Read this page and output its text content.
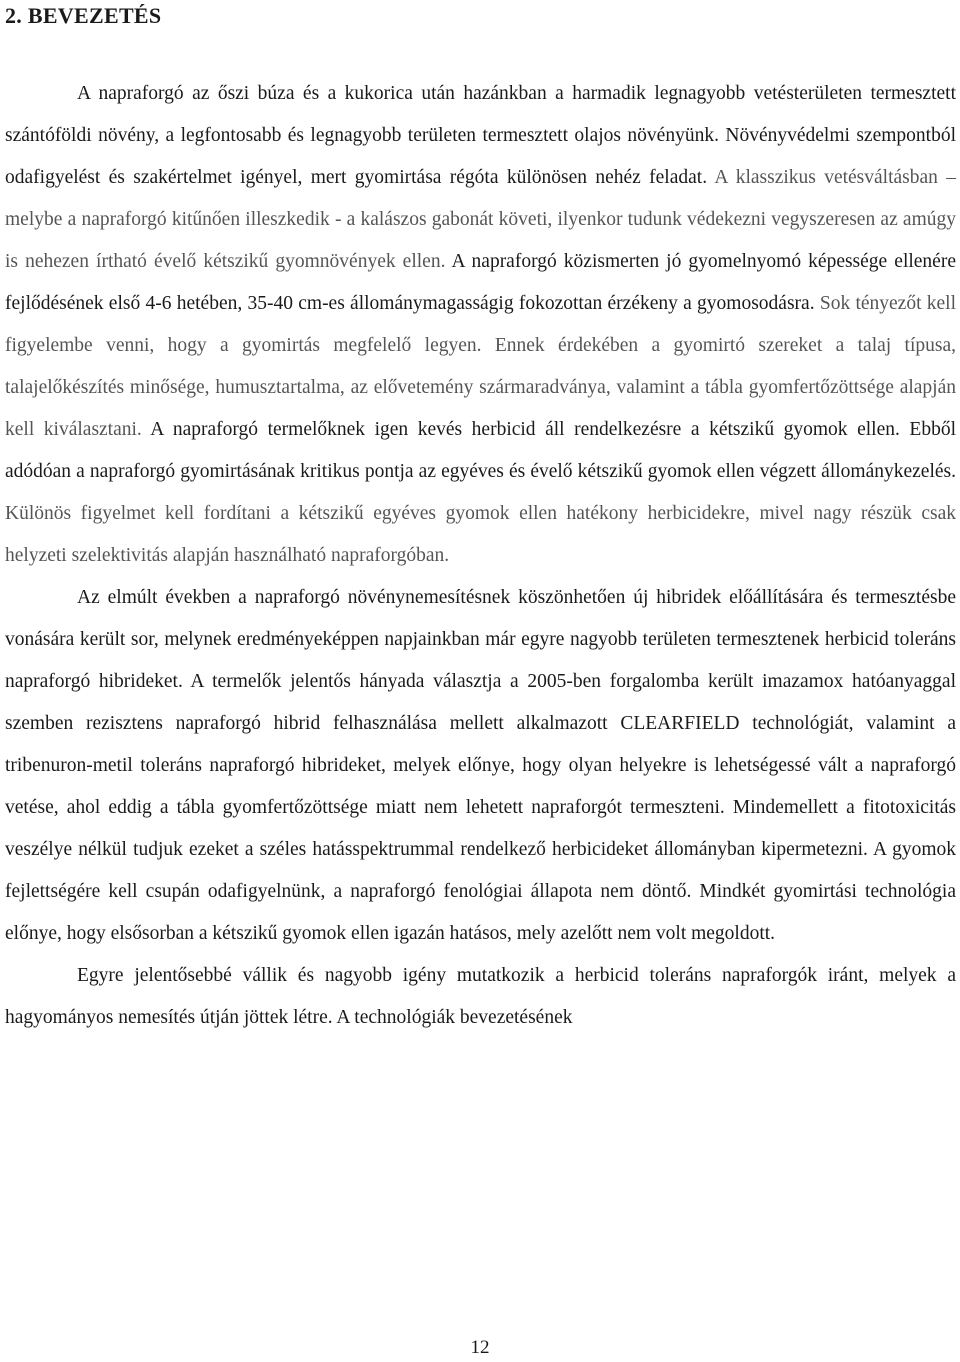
2. BEVEZETÉS

A napraforgó az őszi búza és a kukorica után hazánkban a harmadik legnagyobb vetésterületen termesztett szántóföldi növény, a legfontosabb és legnagyobb területen termesztett olajos növényünk. Növényvédelmi szempontból odafigyelést és szakértelmet igényel, mert gyomirtása régóta különösen nehéz feladat. A klasszikus vetésváltásban – melybe a napraforgó kitűnően illeszkedik - a kalászos gabonát követi, ilyenkor tudunk védekezni vegyszeresen az amúgy is nehezen írtható évelő kétszikű gyomnövények ellen. A napraforgó közismerten jó gyomelnyomó képessége ellenére fejlődésének első 4-6 hetében, 35-40 cm-es állománymagasságig fokozottan érzékeny a gyomosodásra. Sok tényezőt kell figyelembe venni, hogy a gyomirtás megfelelő legyen. Ennek érdekében a gyomirtó szereket a talaj típusa, talajelőkészítés minősége, humusztartalma, az elővetemény szármaradványa, valamint a tábla gyomfertőzöttsége alapján kell kiválasztani. A napraforgó termelőknek igen kevés herbicid áll rendelkezésre a kétszikű gyomok ellen. Ebből adódóan a napraforgó gyomirtásának kritikus pontja az egyéves és évelő kétszikű gyomok ellen végzett állománykezelés. Különös figyelmet kell fordítani a kétszikű egyéves gyomok ellen hatékony herbicidekre, mivel nagy részük csak helyzeti szelektivitás alapján használható napraforgóban.

Az elmúlt években a napraforgó növénynemesítésnek köszönhetően új hibridek előállítására és termesztésbe vonására került sor, melynek eredményeképpen napjainkban már egyre nagyobb területen termesztenek herbicid toleráns napraforgó hibrideket. A termelők jelentős hányada választja a 2005-ben forgalomba került imazamox hatóanyaggal szemben rezisztens napraforgó hibrid felhasználása mellett alkalmazott CLEARFIELD technológiát, valamint a tribenuron-metil toleráns napraforgó hibrideket, melyek előnye, hogy olyan helyekre is lehetségessé vált a napraforgó vetése, ahol eddig a tábla gyomfertőzöttsége miatt nem lehetett napraforgót termeszteni. Mindemellett a fitotoxicitás veszélye nélkül tudjuk ezeket a széles hatásspektrummal rendelkező herbicideket állományban kipermetezni. A gyomok fejlettségére kell csupán odafigyelnünk, a napraforgó fenológiai állapota nem döntő. Mindkét gyomirtási technológia előnye, hogy elsősorban a kétszikű gyomok ellen igazán hatásos, mely azelőtt nem volt megoldott.

Egyre jelentősebbé vállik és nagyobb igény mutatkozik a herbicid toleráns napraforgók iránt, melyek a hagyományos nemesítés útján jöttek létre. A technológiák bevezetésének

12
